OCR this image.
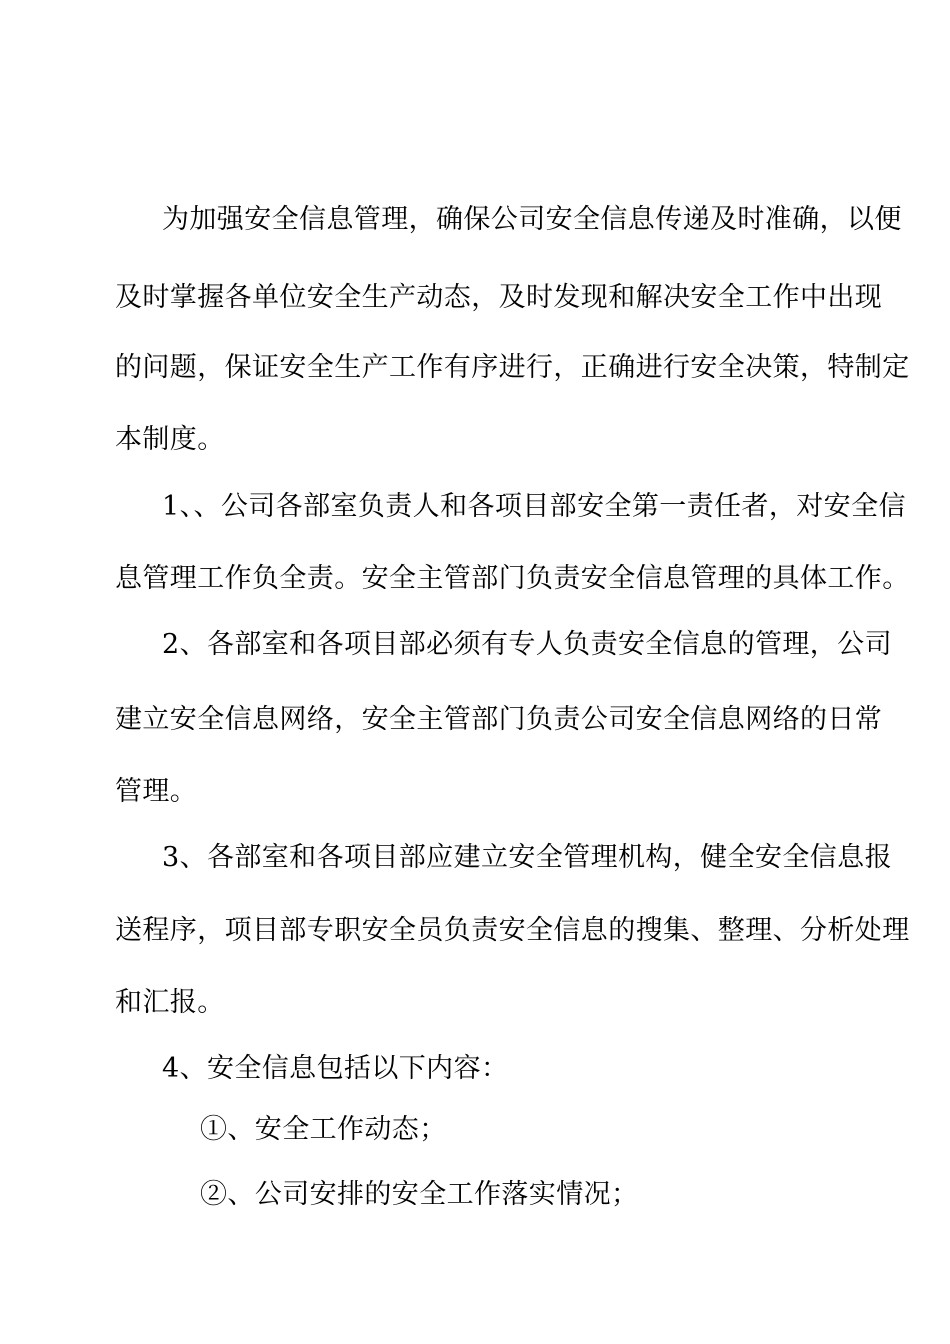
为加强安全信息管理，确保公司安全信息传递及时准确，以便
及时掌握各单位安全生产动态，及时发现和解决安全工作中出现
的问题，保证安全生产工作有序进行，正确进行安全决策，特制定
本制度。
1、、公司各部室负责人和各项目部安全第一责任者，对安全信
息管理工作负全责。安全主管部门负责安全信息管理的具体工作。
2、各部室和各项目部必须有专人负责安全信息的管理，公司
建立安全信息网络，安全主管部门负责公司安全信息网络的日常
管理。
3、各部室和各项目部应建立安全管理机构，健全安全信息报
送程序，项目部专职安全员负责安全信息的搜集、整理、分析处理
和汇报。
4、安全信息包括以下内容：
①、安全工作动态；
②、公司安排的安全工作落实情况；
